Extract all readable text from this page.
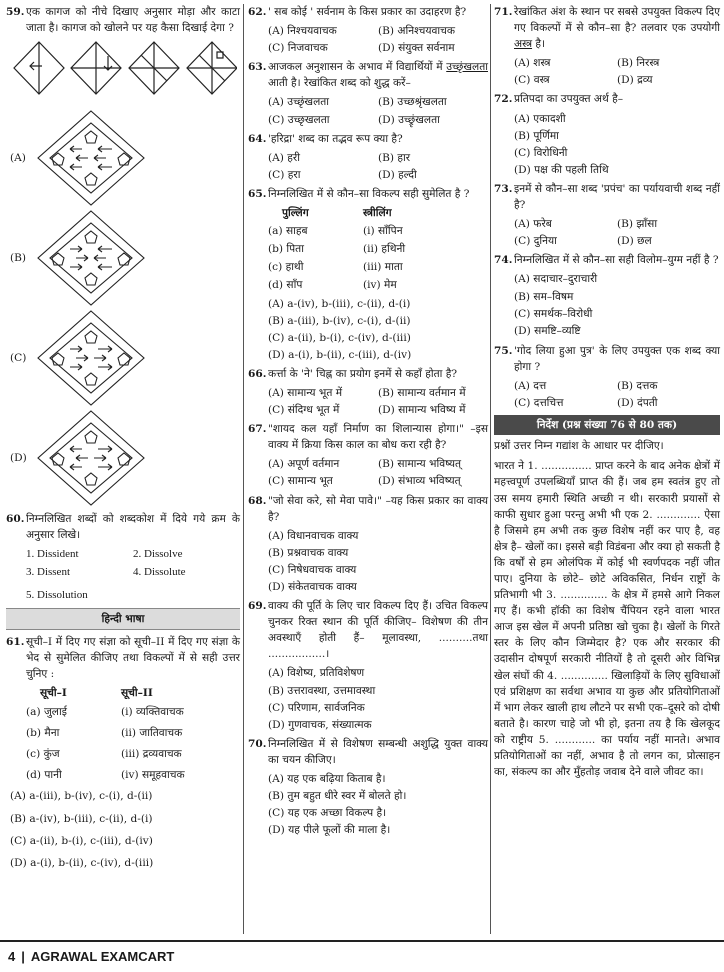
59. एक कागज को नीचे दिखाए अनुसार मोड़ा और काटा जाता है। कागज को खोलने पर यह कैसा दिखाई देगा ?
(A)
(B)
(C)
(D)
60. निम्नलिखित शब्दों को शब्दकोश में दिये गये क्रम के अनुसार लिखे।
1. Dissident	2. Dissolve
3. Dissent	4. Dissolute
5. Dissolution
हिन्दी भाषा
61. सूची–I में दिए गए संज्ञा को सूची–II में दिए गए संज्ञा के भेद से सुमेलित कीजिए तथा विकल्पों में से सही उत्तर चुनिए :
सूची–I	सूची–II
(a) जुलाई	(i) व्यक्तिवाचक
(b) मैना	(ii) जातिवाचक
(c) कुंज	(iii) द्रव्यवाचक
(d) पानी	(iv) समूहवाचक
(A) a-(iii), b-(iv), c-(i), d-(ii)
(B) a-(iv), b-(iii), c-(ii), d-(i)
(C) a-(ii), b-(i), c-(iii), d-(iv)
(D) a-(i), b-(ii), c-(iv), d-(iii)
62. ' सब कोई ' सर्वनाम के किस प्रकार का उदाहरण है?
(A) निश्चयवाचक	(B) अनिश्चयवाचक
(C) निजवाचक	(D) संयुक्त सर्वनाम
63. आजकल अनुशासन के अभाव में विद्यार्थियों में उच्छृंखलता आती है। रेखांकित शब्द को शुद्ध करें–
(A) उच्छृंखलता	(B) उच्छश्रृंखलता
(C) उच्छृखलता	(D) उच्छ्रृंखलता
64. 'हरिद्रा' शब्द का तद्भव रूप क्या है?
(A) हरी	(B) हार
(C) हरा	(D) हल्दी
65. निम्नलिखित में से कौन–सा विकल्प सही सुमेलित है ?
पुल्लिंग	स्त्रीलिंग
(a) साहब	(i) साँपिन
(b) पिता	(ii) हथिनी
(c) हाथी	(iii) माता
(d) साँप	(iv) मेम
(A) a-(iv), b-(iii), c-(ii), d-(i)
(B) a-(iii), b-(iv), c-(i), d-(ii)
(C) a-(ii), b-(i), c-(iv), d-(iii)
(D) a-(i), b-(ii), c-(iii), d-(iv)
66. कर्त्ता के 'ने' चिह्न का प्रयोग इनमें से कहाँ होता है?
(A) सामान्य भूत में	(B) सामान्य वर्तमान में
(C) संदिग्ध भूत में	(D) सामान्य भविष्य में
67. "शायद कल यहाँ निर्माण का शिलान्यास होगा।" –इस वाक्य में क्रिया किस काल का बोध करा रही है?
(A) अपूर्ण वर्तमान	(B) सामान्य भविष्यत्
(C) सामान्य भूत	(D) संभाव्य भविष्यत्
68. "जो सेवा करे, सो मेवा पावे।" –यह किस प्रकार का वाक्य है?
(A) विधानवाचक वाक्य
(B) प्रश्नवाचक वाक्य
(C) निषेधवाचक वाक्य
(D) संकेतवाचक वाक्य
69. वाक्य की पूर्ति के लिए चार विकल्प दिए हैं। उचित विकल्प चुनकर रिक्त स्थान की पूर्ति कीजिए– विशेषण की तीन अवस्थाएँ होती हैं– मूलावस्था, ..........तथा .................।
(A) विशेष्य, प्रतिविशेषण
(B) उत्तरावस्था, उत्तमावस्था
(C) परिणाम, सार्वजनिक
(D) गुणवाचक, संख्यात्मक
70. निम्नलिखित में से विशेषण सम्बन्धी अशुद्धि युक्त वाक्य का चयन कीजिए।
(A) यह एक बढ़िया किताब है।
(B) तुम बहुत धीरे स्वर में बोलते हो।
(C) यह एक अच्छा विकल्प है।
(D) यह पीले फूलों की माला है।
71. रेखांकित अंश के स्थान पर सबसे उपयुक्त विकल्प दिए गए विकल्पों में से कौन–सा है? तलवार एक उपयोगी अस्त्र है।
(A) शस्त्र	(B) निरस्त्र
(C) वस्त्र	(D) द्रव्य
72. प्रतिपदा का उपयुक्त अर्थ है–
(A) एकादशी
(B) पूर्णिमा
(C) विरोधिनी
(D) पक्ष की पहली तिथि
73. इनमें से कौन–सा शब्द 'प्रपंच' का पर्यायवाची शब्द नहीं है?
(A) फरेब	(B) झाँसा
(C) दुनिया	(D) छल
74. निम्नलिखित में से कौन–सा सही विलोम–युग्म नहीं है ?
(A) सदाचार–दुराचारी
(B) सम–विषम
(C) समर्थक–विरोधी
(D) समष्टि–व्यष्टि
75. 'गोद लिया हुआ पुत्र' के लिए उपयुक्त एक शब्द क्या होगा ?
(A) दत्त	(B) दत्तक
(C) दत्तचित्त	(D) दंपती
निर्देश (प्रश्न संख्या 76 से 80 तक)
प्रश्नों उत्तर निम्न गद्यांश के आधार पर दीजिए।
भारत ने 1. ............... प्राप्त करने के बाद अनेक क्षेत्रों में महत्त्वपूर्ण उपलब्धियाँ प्राप्त की हैं। जब हम स्वतंत्र हुए तो उस समय हमारी स्थिति अच्छी न थी। सरकारी प्रयासों से काफी सुधार हुआ परन्तु अभी भी एक 2. ............. ऐसा है जिसमे हम अभी तक कुछ विशेष नहीं कर पाए है, वह क्षेत्र है– खेलों का। इससे बड़ी विडंबना और क्या हो सकती है कि वर्षों से हम ओलंपिक में कोई भी स्वर्णपदक नहीं जीत पाए। दुनिया के छोटे– छोटे अविकसित, निर्धन राष्ट्रों के प्रतिभागी भी 3. .............. के क्षेत्र में हमसे आगे निकल गए हैं। कभी हॉकी का विशेष चैंपियन रहने वाला भारत आज इस खेल में अपनी प्रतिष्ठा खो चुका है। खेलों के गिरते स्तर के लिए कौन जिम्मेदार है? एक और सरकार की उदासीन दोषपूर्ण सरकारी नीतियों है तो दूसरी ओर विभिन्न खेल संघों की 4. .............. खिलाड़ियों के लिए सुविधाओं एवं प्रशिक्षण का सर्वथा अभाव या कुछ और प्रतियोगिताओं में भाग लेकर खाली हाथ लौटने पर सभी एक–दूसरे को दोषी बताते है। कारण चाहे जो भी हो, इतना तय है कि खेलकूद को राष्ट्रीय 5. ............ का पर्याय नहीं मानते। अभाव प्रतियोगिताओं का नहीं, अभाव है तो लगन का, प्रोत्साहन का, संकल्प का और मुँहतोड़ जवाब देने वाले जीवट का।
4 | AGRAWAL EXAMCART
